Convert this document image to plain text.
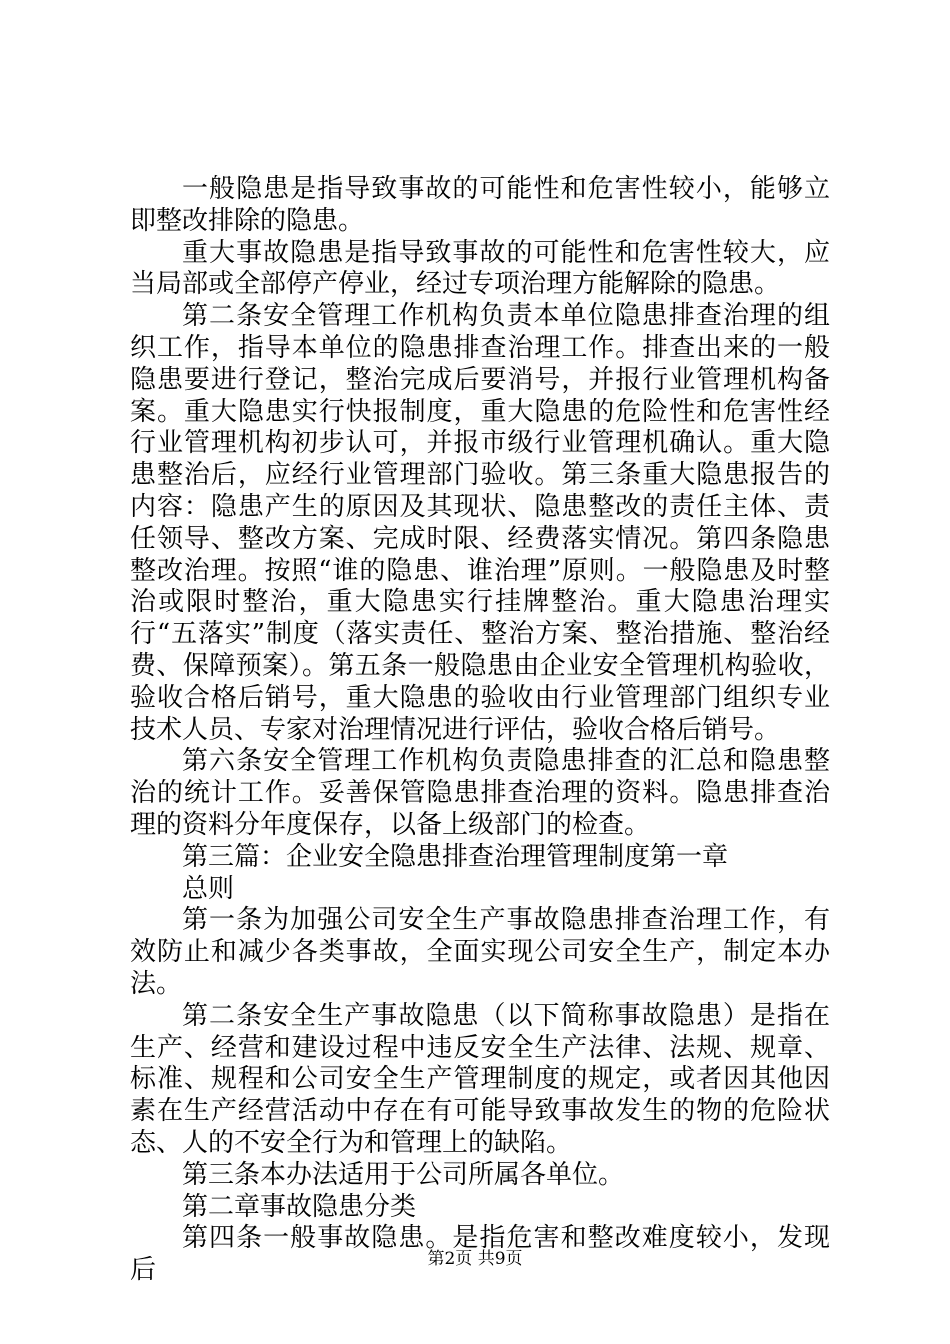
一般隐患是指导致事故的可能性和危害性较小，能够立即整改排除的隐患。

重大事故隐患是指导致事故的可能性和危害性较大，应当局部或全部停产停业，经过专项治理方能解除的隐患。

第二条安全管理工作机构负责本单位隐患排查治理的组织工作，指导本单位的隐患排查治理工作。排查出来的一般隐患要进行登记，整治完成后要消号，并报行业管理机构备案。重大隐患实行快报制度，重大隐患的危险性和危害性经行业管理机构初步认可，并报市级行业管理机确认。重大隐患整治后，应经行业管理部门验收。第三条重大隐患报告的内容：隐患产生的原因及其现状、隐患整改的责任主体、责任领导、整改方案、完成时限、经费落实情况。第四条隐患整改治理。按照“谁的隐患、谁治理”原则。一般隐患及时整治或限时整治，重大隐患实行挂牌整治。重大隐患治理实行“五落实”制度（落实责任、整治方案、整治措施、整治经费、保障预案）。第五条一般隐患由企业安全管理机构验收，验收合格后销号，重大隐患的验收由行业管理部门组织专业技术人员、专家对治理情况进行评估，验收合格后销号。

第六条安全管理工作机构负责隐患排查的汇总和隐患整治的统计工作。妥善保管隐患排查治理的资料。隐患排查治理的资料分年度保存，以备上级部门的检查。

第三篇：企业安全隐患排查治理管理制度第一章

总则

第一条为加强公司安全生产事故隐患排查治理工作，有效防止和减少各类事故，全面实现公司安全生产，制定本办法。

第二条安全生产事故隐患（以下简称事故隐患）是指在生产、经营和建设过程中违反安全生产法律、法规、规章、标准、规程和公司安全生产管理制度的规定，或者因其他因素在生产经营活动中存在有可能导致事故发生的物的危险状态、人的不安全行为和管理上的缺陷。

第三条本办法适用于公司所属各单位。

第二章事故隐患分类

第四条一般事故隐患。是指危害和整改难度较小，发现后	第2页 共9页
